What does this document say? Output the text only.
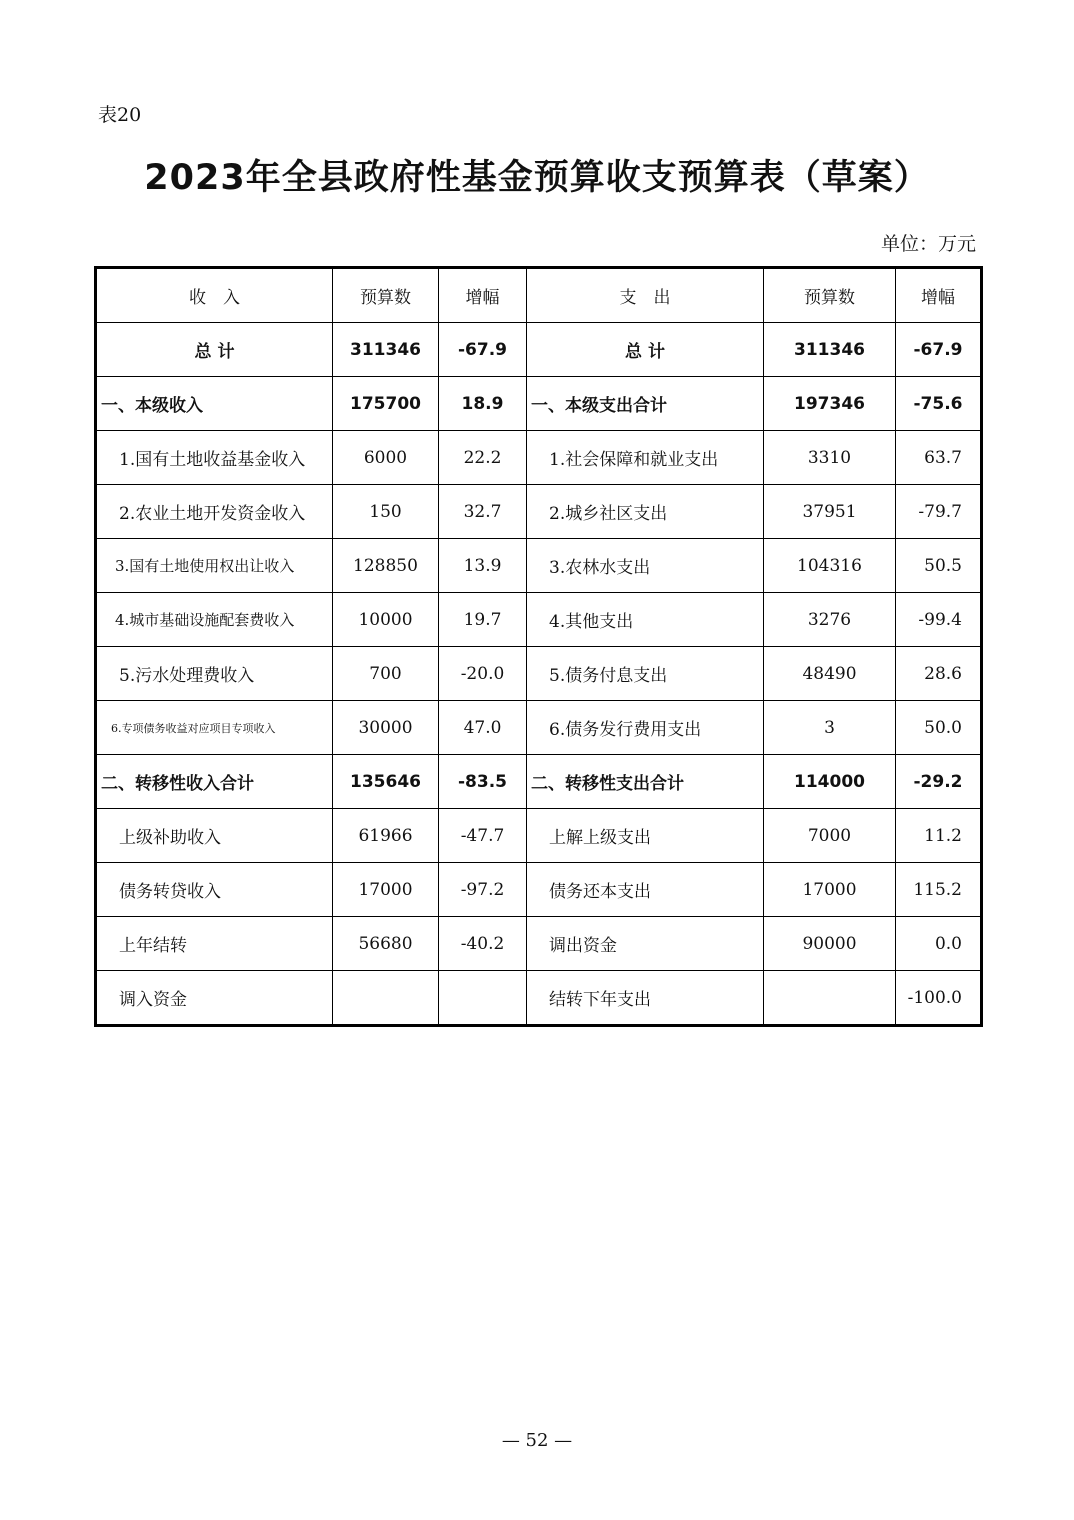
表20
2023年全县政府性基金预算收支预算表（草案）
单位：万元
收　入	预算数	增幅	支　出	预算数	增幅
总 计	311346	-67.9	总 计	311346	-67.9
一、本级收入	175700	18.9	一、本级支出合计	197346	-75.6
1.国有土地收益基金收入	6000	22.2	1.社会保障和就业支出	3310	63.7
2.农业土地开发资金收入	150	32.7	2.城乡社区支出	37951	-79.7
3.国有土地使用权出让收入	128850	13.9	3.农林水支出	104316	50.5
4.城市基础设施配套费收入	10000	19.7	4.其他支出	3276	-99.4
5.污水处理费收入	700	-20.0	5.债务付息支出	48490	28.6
6.专项债务收益对应项目专项收入	30000	47.0	6.债务发行费用支出	3	50.0
二、转移性收入合计	135646	-83.5	二、转移性支出合计	114000	-29.2
上级补助收入	61966	-47.7	上解上级支出	7000	11.2
债务转贷收入	17000	-97.2	债务还本支出	17000	115.2
上年结转	56680	-40.2	调出资金	90000	0.0
调入资金			结转下年支出		-100.0
— 52 —
